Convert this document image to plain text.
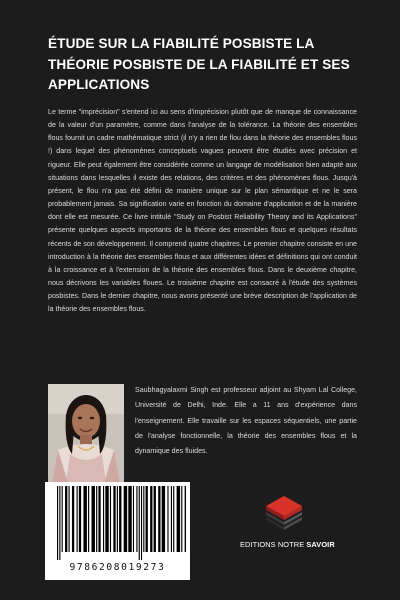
ÉTUDE SUR LA FIABILITÉ POSBISTE LA THÉORIE POSBISTE DE LA FIABILITÉ ET SES APPLICATIONS

Le terme "imprécision" s'entend ici au sens d'imprécision plutôt que de manque de connaissance de la valeur d'un paramètre, comme dans l'analyse de la tolérance. La théorie des ensembles flous fournit un cadre mathématique strict (il n'y a rien de flou dans la théorie des ensembles flous !) dans lequel des phénomènes conceptuels vagues peuvent être étudiés avec précision et rigueur. Elle peut également être considérée comme un langage de modélisation bien adapté aux situations dans lesquelles il existe des relations, des critères et des phénomènes flous. Jusqu'à présent, le flou n'a pas été défini de manière unique sur le plan sémantique et ne le sera probablement jamais. Sa signification varie en fonction du domaine d'application et de la manière dont elle est mesurée. Ce livre intitulé "Study on Posbist Reliability Theory and its Applications" présente quelques aspects importants de la théorie des ensembles flous et quelques résultats récents de son développement. Il comprend quatre chapitres. Le premier chapitre consiste en une introduction à la théorie des ensembles flous et aux différentes idées et définitions qui ont conduit à la croissance et à l'extension de la théorie des ensembles flous. Dans le deuxième chapitre, nous décrivons les variables floues. Le troisième chapitre est consacré à l'étude des systèmes posbistes. Dans le dernier chapitre, nous avons présenté une brève description de l'application de la théorie des ensembles flous.

Saubhagyalaxmi Singh est professeur adjoint au Shyam Lal College, Université de Delhi, Inde. Elle a 11 ans d'expérience dans l'enseignement. Elle travaille sur les espaces séquentiels, une partie de l'analyse fonctionnelle, la théorie des ensembles flous et la dynamique des fluides.

9786208019273
EDITIONS NOTRE SAVOIR
